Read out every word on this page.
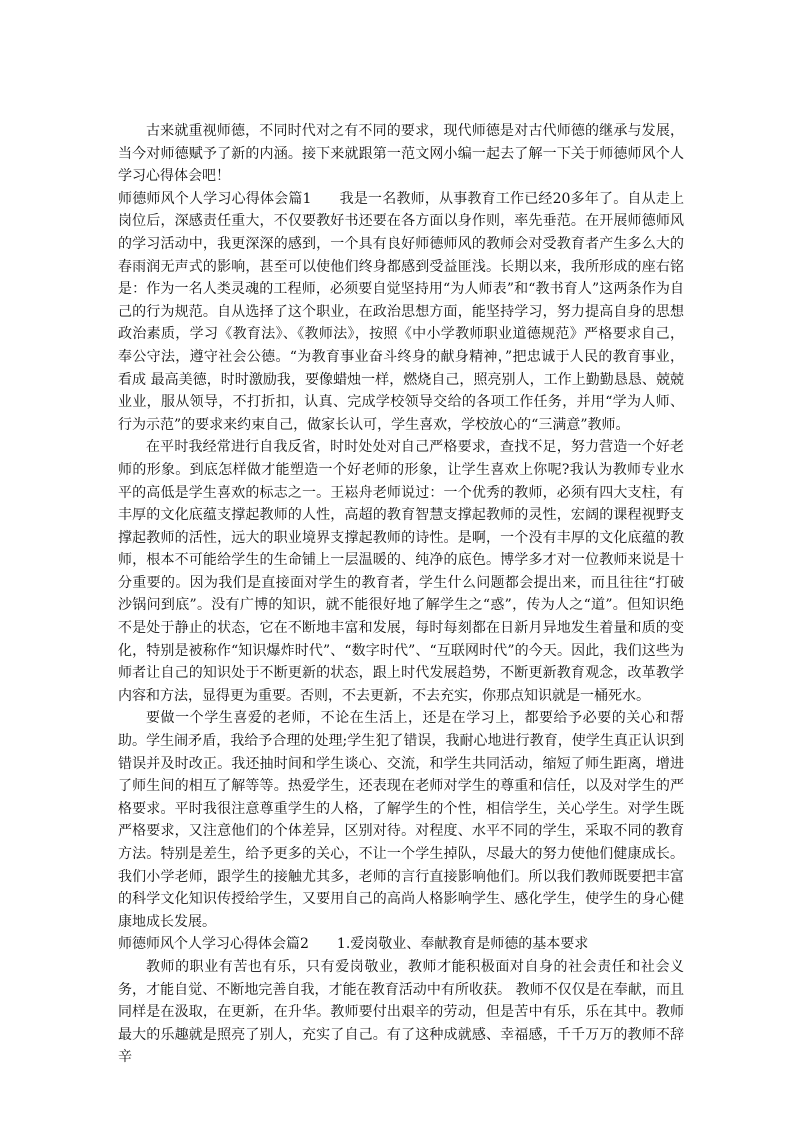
古来就重视师德，不同时代对之有不同的要求，现代师德是对古代师德的继承与发展，当今对师德赋予了新的内涵。接下来就跟第一范文网小编一起去了解一下关于师德师风个人学习心得体会吧！

师德师风个人学习心得体会篇1 我是一名教师，从事教育工作已经20多年了。自从走上岗位后，深感责任重大，不仅要教好书还要在各方面以身作则，率先垂范。在开展师德师风的学习活动中，我更深深的感到，一个具有良好师德师风的教师会对受教育者产生多么大的春雨润无声式的影响，甚至可以使他们终身都感到受益匪浅。长期以来，我所形成的座右铭是：作为一名人类灵魂的工程师，必须要自觉坚持用“为人师表”和“教书育人”这两条作为自己的行为规范。自从选择了这个职业，在政治思想方面，能坚持学习，努力提高自身的思想政治素质，学习《教育法》、《教师法》，按照《中小学教师职业道德规范》严格要求自己，奉公守法，遵守社会公德。“为教育事业奋斗终身的献身精神，”把忠诚于人民的教育事业，看成 最高美德，时时激励我，要像蜡烛一样，燃烧自己，照亮别人，工作上勤勤恳恳、兢兢业业，服从领导，不打折扣，认真、完成学校领导交给的各项工作任务，并用“学为人师、行为示范”的要求来约束自己，做家长认可，学生喜欢，学校放心的“三满意”教师。

在平时我经常进行自我反省，时时处处对自己严格要求，查找不足，努力营造一个好老师的形象。到底怎样做才能塑造一个好老师的形象，让学生喜欢上你呢?我认为教师专业水平的高低是学生喜欢的标志之一。王崧舟老师说过：一个优秀的教师，必须有四大支柱，有丰厚的文化底蕴支撑起教师的人性，高超的教育智慧支撑起教师的灵性，宏阔的课程视野支撑起教师的活性，远大的职业境界支撑起教师的诗性。是啊，一个没有丰厚的文化底蕴的教师，根本不可能给学生的生命铺上一层温暖的、纯净的底色。博学多才对一位教师来说是十分重要的。因为我们是直接面对学生的教育者，学生什么问题都会提出来，而且往往“打破沙锅问到底”。没有广博的知识，就不能很好地了解学生之“惑”，传为人之“道”。但知识绝不是处于静止的状态，它在不断地丰富和发展，每时每刻都在日新月异地发生着量和质的变化，特别是被称作“知识爆炸时代”、“数字时代”、“互联网时代”的今天。因此，我们这些为师者让自己的知识处于不断更新的状态，跟上时代发展趋势，不断更新教育观念，改革教学内容和方法，显得更为重要。否则，不去更新，不去充实，你那点知识就是一桶死水。

要做一个学生喜爱的老师，不论在生活上，还是在学习上，都要给予必要的关心和帮助。学生闹矛盾，我给予合理的处理;学生犯了错误，我耐心地进行教育，使学生真正认识到错误并及时改正。我还抽时间和学生谈心、交流，和学生共同活动，缩短了师生距离，增进了师生间的相互了解等等。热爱学生，还表现在老师对学生的尊重和信任，以及对学生的严格要求。平时我很注意尊重学生的人格，了解学生的个性，相信学生，关心学生。对学生既严格要求，又注意他们的个体差异，区别对待。对程度、水平不同的学生，采取不同的教育方法。特别是差生，给予更多的关心，不让一个学生掉队，尽最大的努力使他们健康成长。我们小学老师，跟学生的接触尤其多，老师的言行直接影响他们。所以我们教师既要把丰富的科学文化知识传授给学生，又要用自己的高尚人格影响学生、感化学生，使学生的身心健康地成长发展。

师德师风个人学习心得体会篇2 1.爱岗敬业、奉献教育是师德的基本要求

教师的职业有苦也有乐，只有爱岗敬业，教师才能积极面对自身的社会责任和社会义务，才能自觉、不断地完善自我，才能在教育活动中有所收获。 教师不仅仅是在奉献，而且同样是在汲取，在更新，在升华。教师要付出艰辛的劳动，但是苦中有乐，乐在其中。教师最大的乐趣就是照亮了别人，充实了自己。有了这种成就感、幸福感，千千万万的教师不辞辛
